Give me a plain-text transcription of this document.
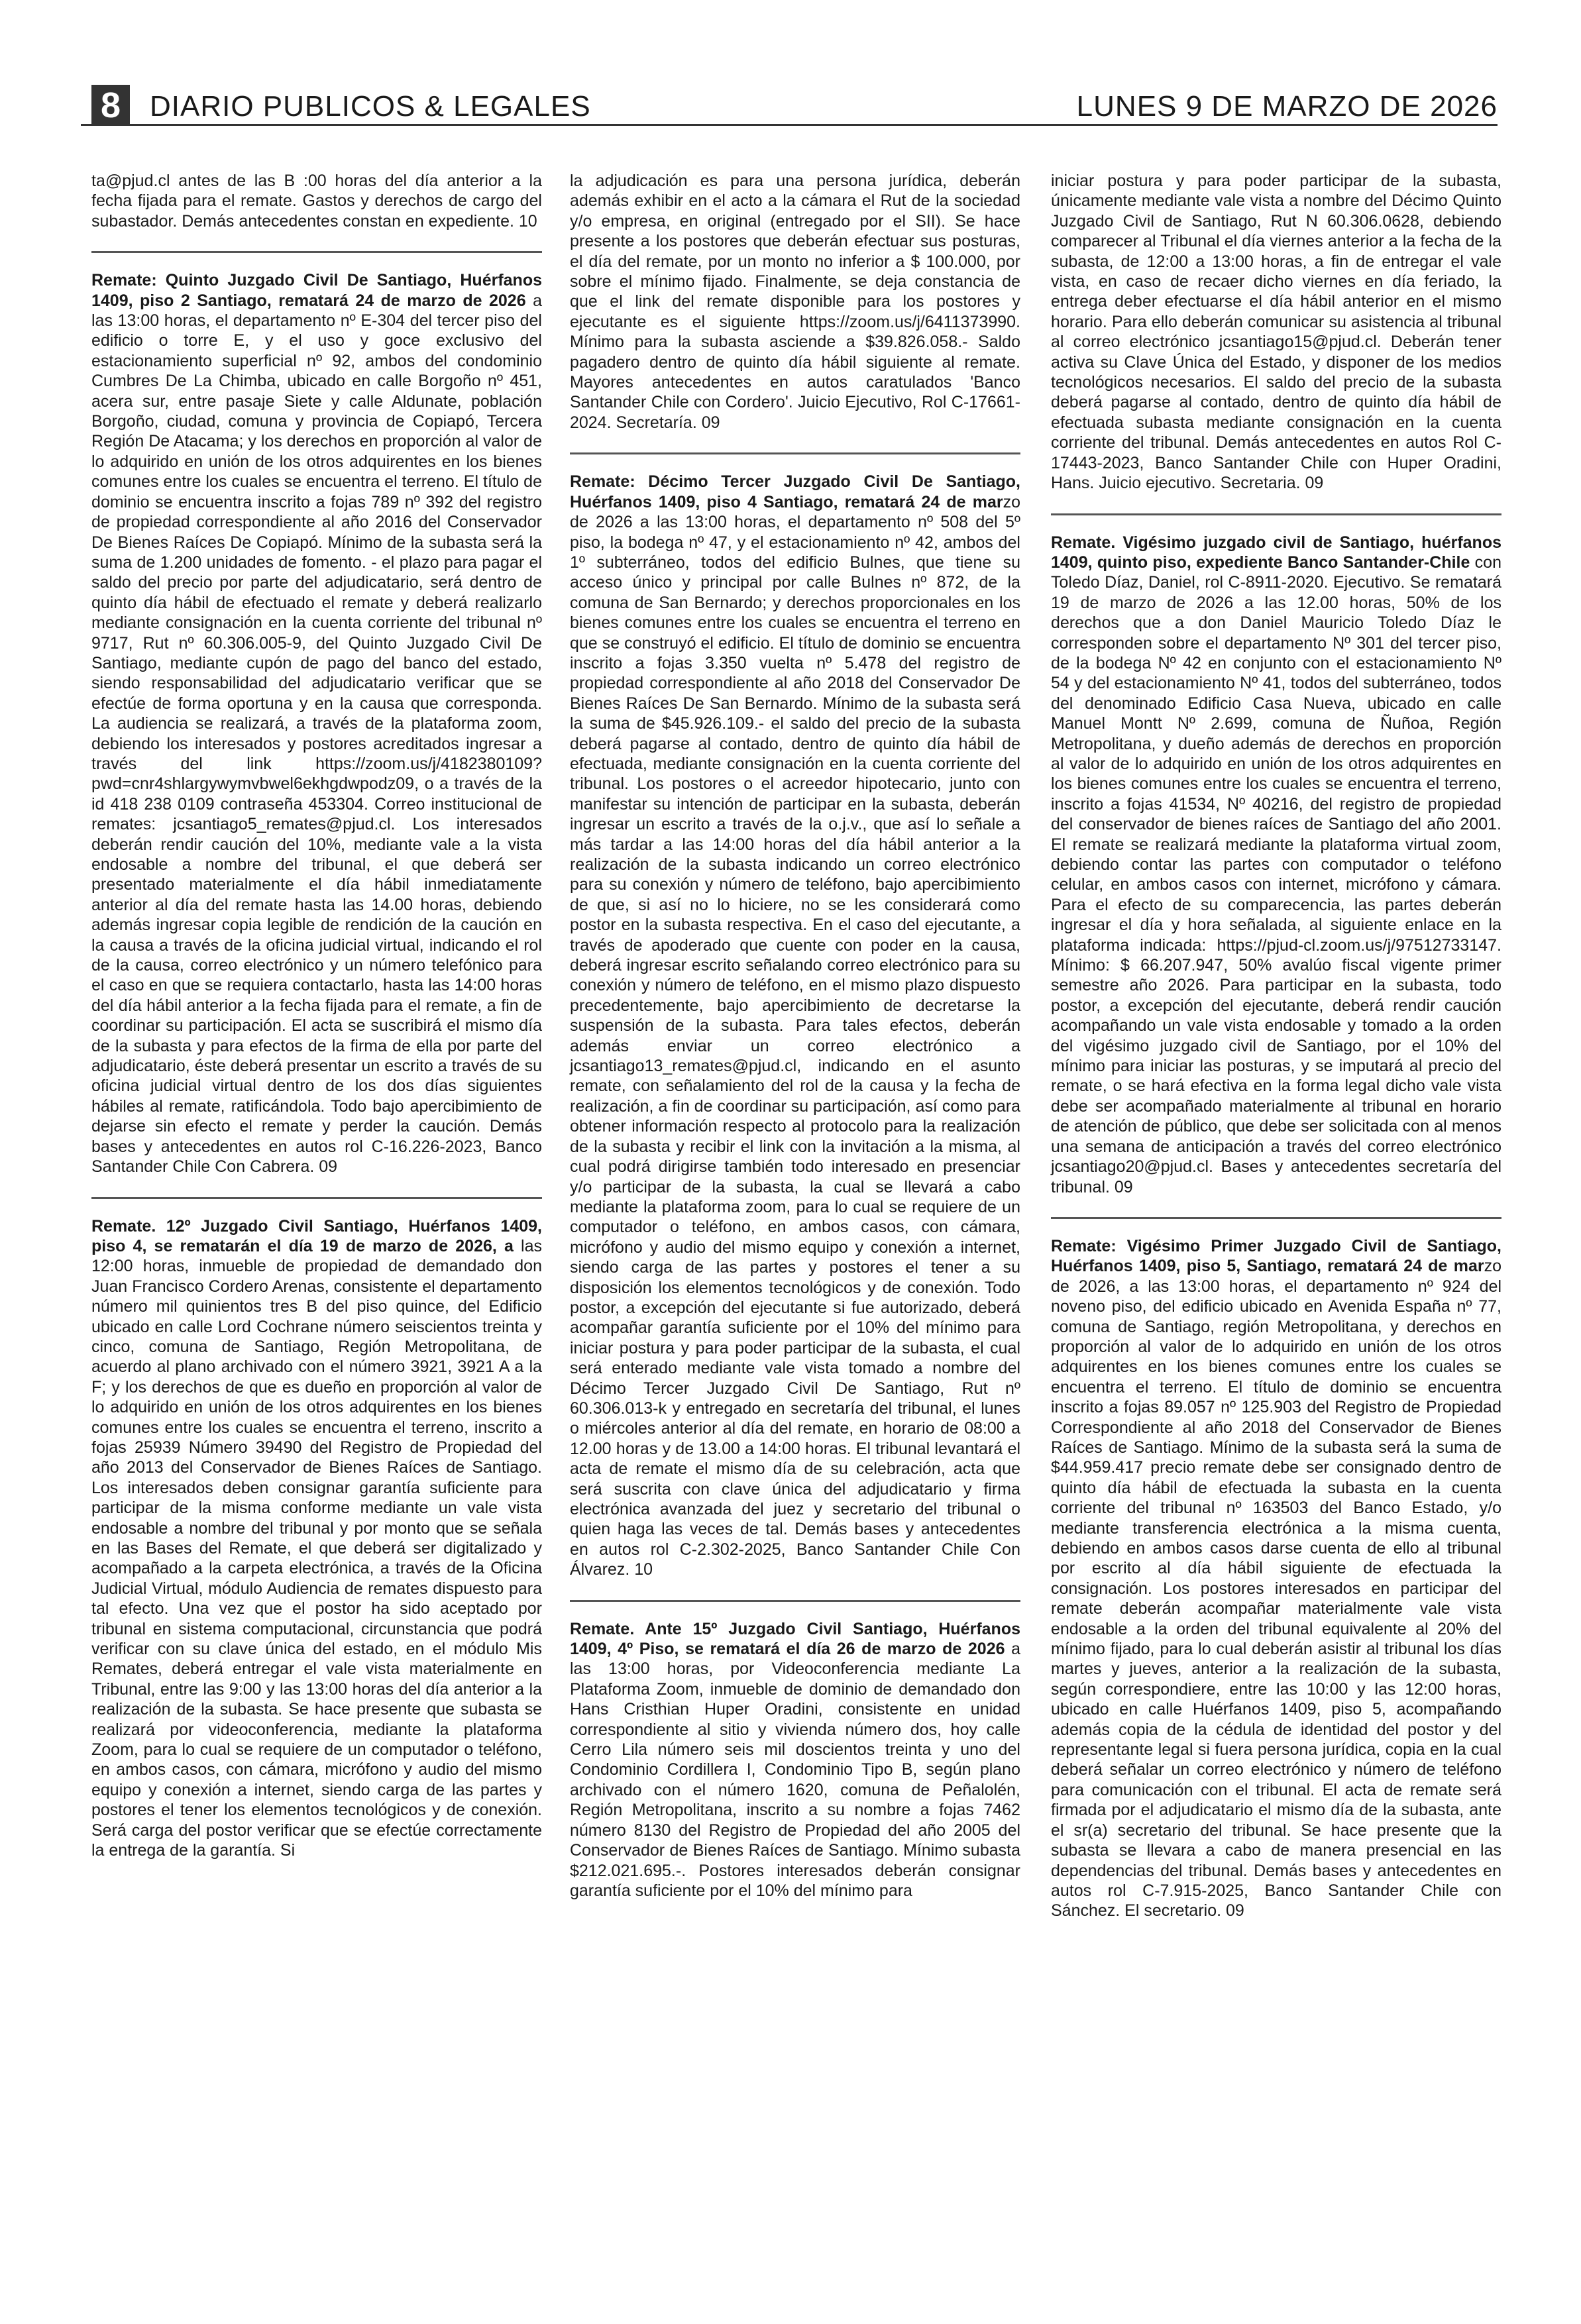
8 DIARIO PUBLICOS & LEGALES	LUNES 9 DE MARZO DE 2026
ta@pjud.cl antes de las B :00 horas del día anterior a la fecha fijada para el remate. Gastos y derechos de cargo del subastador. Demás antecedentes constan en expediente. 10
Remate: Quinto Juzgado Civil De Santiago, Huérfanos 1409, piso 2 Santiago, rematará 24 de marzo de 2026 a las 13:00 horas, el departamento nº E-304 del tercer piso del edificio o torre E, y el uso y goce exclusivo del estacionamiento superficial nº 92, ambos del condominio Cumbres De La Chimba, ubicado en calle Borgoño nº 451, acera sur, entre pasaje Siete y calle Aldunate, población Borgoño, ciudad, comuna y provincia de Copiapó, Tercera Región De Atacama; y los derechos en proporción al valor de lo adquirido en unión de los otros adquirentes en los bienes comunes entre los cuales se encuentra el terreno. El título de dominio se encuentra inscrito a fojas 789 nº 392 del registro de propiedad correspondiente al año 2016 del Conservador De Bienes Raíces De Copiapó. Mínimo de la subasta será la suma de 1.200 unidades de fomento. - el plazo para pagar el saldo del precio por parte del adjudicatario, será dentro de quinto día hábil de efectuado el remate y deberá realizarlo mediante consignación en la cuenta corriente del tribunal nº 9717, Rut nº 60.306.005-9, del Quinto Juzgado Civil De Santiago, mediante cupón de pago del banco del estado, siendo responsabilidad del adjudicatario verificar que se efectúe de forma oportuna y en la causa que corresponda. La audiencia se realizará, a través de la plataforma zoom, debiendo los interesados y postores acreditados ingresar a través del link https://zoom.us/j/4182380109?pwd=cnr4shlargywymvbwel6ekhgdwpodz09, o a través de la id 418 238 0109 contraseña 453304. Correo institucional de remates: jcsantiago5_remates@pjud.cl. Los interesados deberán rendir caución del 10%, mediante vale a la vista endosable a nombre del tribunal, el que deberá ser presentado materialmente el día hábil inmediatamente anterior al día del remate hasta las 14.00 horas, debiendo además ingresar copia legible de rendición de la caución en la causa a través de la oficina judicial virtual, indicando el rol de la causa, correo electrónico y un número telefónico para el caso en que se requiera contactarlo, hasta las 14:00 horas del día hábil anterior a la fecha fijada para el remate, a fin de coordinar su participación. El acta se suscribirá el mismo día de la subasta y para efectos de la firma de ella por parte del adjudicatario, éste deberá presentar un escrito a través de su oficina judicial virtual dentro de los dos días siguientes hábiles al remate, ratificándola. Todo bajo apercibimiento de dejarse sin efecto el remate y perder la caución. Demás bases y antecedentes en autos rol C-16.226-2023, Banco Santander Chile Con Cabrera. 09
Remate. 12º Juzgado Civil Santiago, Huérfanos 1409, piso 4, se rematarán el día 19 de marzo de 2026, a las 12:00 horas, inmueble de propiedad de demandado don Juan Francisco Cordero Arenas, consistente el departamento número mil quinientos tres B del piso quince, del Edificio ubicado en calle Lord Cochrane número seiscientos treinta y cinco, comuna de Santiago, Región Metropolitana, de acuerdo al plano archivado con el número 3921, 3921 A a la F; y los derechos de que es dueño en proporción al valor de lo adquirido en unión de los otros adquirentes en los bienes comunes entre los cuales se encuentra el terreno, inscrito a fojas 25939 Número 39490 del Registro de Propiedad del año 2013 del Conservador de Bienes Raíces de Santiago. Los interesados deben consignar garantía suficiente para participar de la misma conforme mediante un vale vista endosable a nombre del tribunal y por monto que se señala en las Bases del Remate, el que deberá ser digitalizado y acompañado a la carpeta electrónica, a través de la Oficina Judicial Virtual, módulo Audiencia de remates dispuesto para tal efecto. Una vez que el postor ha sido aceptado por tribunal en sistema computacional, circunstancia que podrá verificar con su clave única del estado, en el módulo Mis Remates, deberá entregar el vale vista materialmente en Tribunal, entre las 9:00 y las 13:00 horas del día anterior a la realización de la subasta. Se hace presente que subasta se realizará por videoconferencia, mediante la plataforma Zoom, para lo cual se requiere de un computador o teléfono, en ambos casos, con cámara, micrófono y audio del mismo equipo y conexión a internet, siendo carga de las partes y postores el tener los elementos tecnológicos y de conexión. Será carga del postor verificar que se efectúe correctamente la entrega de la garantía. Si
la adjudicación es para una persona jurídica, deberán además exhibir en el acto a la cámara el Rut de la sociedad y/o empresa, en original (entregado por el SII). Se hace presente a los postores que deberán efectuar sus posturas, el día del remate, por un monto no inferior a $ 100.000, por sobre el mínimo fijado. Finalmente, se deja constancia de que el link del remate disponible para los postores y ejecutante es el siguiente https://zoom.us/j/6411373990. Mínimo para la subasta asciende a $39.826.058.- Saldo pagadero dentro de quinto día hábil siguiente al remate. Mayores antecedentes en autos caratulados 'Banco Santander Chile con Cordero'. Juicio Ejecutivo, Rol C-17661-2024. Secretaría. 09
Remate: Décimo Tercer Juzgado Civil De Santiago, Huérfanos 1409, piso 4 Santiago, rematará 24 de marzo de 2026 a las 13:00 horas, el departamento nº 508 del 5º piso, la bodega nº 47, y el estacionamiento nº 42, ambos del 1º subterráneo, todos del edificio Bulnes, que tiene su acceso único y principal por calle Bulnes nº 872, de la comuna de San Bernardo; y derechos proporcionales en los bienes comunes entre los cuales se encuentra el terreno en que se construyó el edificio. El título de dominio se encuentra inscrito a fojas 3.350 vuelta nº 5.478 del registro de propiedad correspondiente al año 2018 del Conservador De Bienes Raíces De San Bernardo. Mínimo de la subasta será la suma de $45.926.109.- el saldo del precio de la subasta deberá pagarse al contado, dentro de quinto día hábil de efectuada, mediante consignación en la cuenta corriente del tribunal. Los postores o el acreedor hipotecario, junto con manifestar su intención de participar en la subasta, deberán ingresar un escrito a través de la o.j.v., que así lo señale a más tardar a las 14:00 horas del día hábil anterior a la realización de la subasta indicando un correo electrónico para su conexión y número de teléfono, bajo apercibimiento de que, si así no lo hiciere, no se les considerará como postor en la subasta respectiva. En el caso del ejecutante, a través de apoderado que cuente con poder en la causa, deberá ingresar escrito señalando correo electrónico para su conexión y número de teléfono, en el mismo plazo dispuesto precedentemente, bajo apercibimiento de decretarse la suspensión de la subasta. Para tales efectos, deberán además enviar un correo electrónico a jcsantiago13_remates@pjud.cl, indicando en el asunto remate, con señalamiento del rol de la causa y la fecha de realización, a fin de coordinar su participación, así como para obtener información respecto al protocolo para la realización de la subasta y recibir el link con la invitación a la misma, al cual podrá dirigirse también todo interesado en presenciar y/o participar de la subasta, la cual se llevará a cabo mediante la plataforma zoom, para lo cual se requiere de un computador o teléfono, en ambos casos, con cámara, micrófono y audio del mismo equipo y conexión a internet, siendo carga de las partes y postores el tener a su disposición los elementos tecnológicos y de conexión. Todo postor, a excepción del ejecutante si fue autorizado, deberá acompañar garantía suficiente por el 10% del mínimo para iniciar postura y para poder participar de la subasta, el cual será enterado mediante vale vista tomado a nombre del Décimo Tercer Juzgado Civil De Santiago, Rut nº 60.306.013-k y entregado en secretaría del tribunal, el lunes o miércoles anterior al día del remate, en horario de 08:00 a 12.00 horas y de 13.00 a 14:00 horas. El tribunal levantará el acta de remate el mismo día de su celebración, acta que será suscrita con clave única del adjudicatario y firma electrónica avanzada del juez y secretario del tribunal o quien haga las veces de tal. Demás bases y antecedentes en autos rol C-2.302-2025, Banco Santander Chile Con Álvarez. 10
Remate. Ante 15º Juzgado Civil Santiago, Huérfanos 1409, 4º Piso, se rematará el día 26 de marzo de 2026 a las 13:00 horas, por Videoconferencia mediante La Plataforma Zoom, inmueble de dominio de demandado don Hans Cristhian Huper Oradini, consistente en unidad correspondiente al sitio y vivienda número dos, hoy calle Cerro Lila número seis mil doscientos treinta y uno del Condominio Cordillera I, Condominio Tipo B, según plano archivado con el número 1620, comuna de Peñalolén, Región Metropolitana, inscrito a su nombre a fojas 7462 número 8130 del Registro de Propiedad del año 2005 del Conservador de Bienes Raíces de Santiago. Mínimo subasta $212.021.695.-. Postores interesados deberán consignar garantía suficiente por el 10% del mínimo para
iniciar postura y para poder participar de la subasta, únicamente mediante vale vista a nombre del Décimo Quinto Juzgado Civil de Santiago, Rut N 60.306.0628, debiendo comparecer al Tribunal el día viernes anterior a la fecha de la subasta, de 12:00 a 13:00 horas, a fin de entregar el vale vista, en caso de recaer dicho viernes en día feriado, la entrega deber efectuarse el día hábil anterior en el mismo horario. Para ello deberán comunicar su asistencia al tribunal al correo electrónico jcsantiago15@pjud.cl. Deberán tener activa su Clave Única del Estado, y disponer de los medios tecnológicos necesarios. El saldo del precio de la subasta deberá pagarse al contado, dentro de quinto día hábil de efectuada subasta mediante consignación en la cuenta corriente del tribunal. Demás antecedentes en autos Rol C-17443-2023, Banco Santander Chile con Huper Oradini, Hans. Juicio ejecutivo. Secretaria. 09
Remate. Vigésimo juzgado civil de Santiago, huérfanos 1409, quinto piso, expediente Banco Santander-Chile con Toledo Díaz, Daniel, rol C-8911-2020. Ejecutivo. Se rematará 19 de marzo de 2026 a las 12.00 horas, 50% de los derechos que a don Daniel Mauricio Toledo Díaz le corresponden sobre el departamento Nº 301 del tercer piso, de la bodega Nº 42 en conjunto con el estacionamiento Nº 54 y del estacionamiento Nº 41, todos del subterráneo, todos del denominado Edificio Casa Nueva, ubicado en calle Manuel Montt Nº 2.699, comuna de Ñuñoa, Región Metropolitana, y dueño además de derechos en proporción al valor de lo adquirido en unión de los otros adquirentes en los bienes comunes entre los cuales se encuentra el terreno, inscrito a fojas 41534, Nº 40216, del registro de propiedad del conservador de bienes raíces de Santiago del año 2001. El remate se realizará mediante la plataforma virtual zoom, debiendo contar las partes con computador o teléfono celular, en ambos casos con internet, micrófono y cámara. Para el efecto de su comparecencia, las partes deberán ingresar el día y hora señalada, al siguiente enlace en la plataforma indicada: https://pjud-cl.zoom.us/j/97512733147. Mínimo: $ 66.207.947, 50% avalúo fiscal vigente primer semestre año 2026. Para participar en la subasta, todo postor, a excepción del ejecutante, deberá rendir caución acompañando un vale vista endosable y tomado a la orden del vigésimo juzgado civil de Santiago, por el 10% del mínimo para iniciar las posturas, y se imputará al precio del remate, o se hará efectiva en la forma legal dicho vale vista debe ser acompañado materialmente al tribunal en horario de atención de público, que debe ser solicitada con al menos una semana de anticipación a través del correo electrónico jcsantiago20@pjud.cl. Bases y antecedentes secretaría del tribunal. 09
Remate: Vigésimo Primer Juzgado Civil de Santiago, Huérfanos 1409, piso 5, Santiago, rematará 24 de marzo de 2026, a las 13:00 horas, el departamento nº 924 del noveno piso, del edificio ubicado en Avenida España nº 77, comuna de Santiago, región Metropolitana, y derechos en proporción al valor de lo adquirido en unión de los otros adquirentes en los bienes comunes entre los cuales se encuentra el terreno. El título de dominio se encuentra inscrito a fojas 89.057 nº 125.903 del Registro de Propiedad Correspondiente al año 2018 del Conservador de Bienes Raíces de Santiago. Mínimo de la subasta será la suma de $44.959.417 precio remate debe ser consignado dentro de quinto día hábil de efectuada la subasta en la cuenta corriente del tribunal nº 163503 del Banco Estado, y/o mediante transferencia electrónica a la misma cuenta, debiendo en ambos casos darse cuenta de ello al tribunal por escrito al día hábil siguiente de efectuada la consignación. Los postores interesados en participar del remate deberán acompañar materialmente vale vista endosable a la orden del tribunal equivalente al 20% del mínimo fijado, para lo cual deberán asistir al tribunal los días martes y jueves, anterior a la realización de la subasta, según correspondiere, entre las 10:00 y las 12:00 horas, ubicado en calle Huérfanos 1409, piso 5, acompañando además copia de la cédula de identidad del postor y del representante legal si fuera persona jurídica, copia en la cual deberá señalar un correo electrónico y número de teléfono para comunicación con el tribunal. El acta de remate será firmada por el adjudicatario el mismo día de la subasta, ante el sr(a) secretario del tribunal. Se hace presente que la subasta se llevara a cabo de manera presencial en las dependencias del tribunal. Demás bases y antecedentes en autos rol C-7.915-2025, Banco Santander Chile con Sánchez. El secretario. 09
